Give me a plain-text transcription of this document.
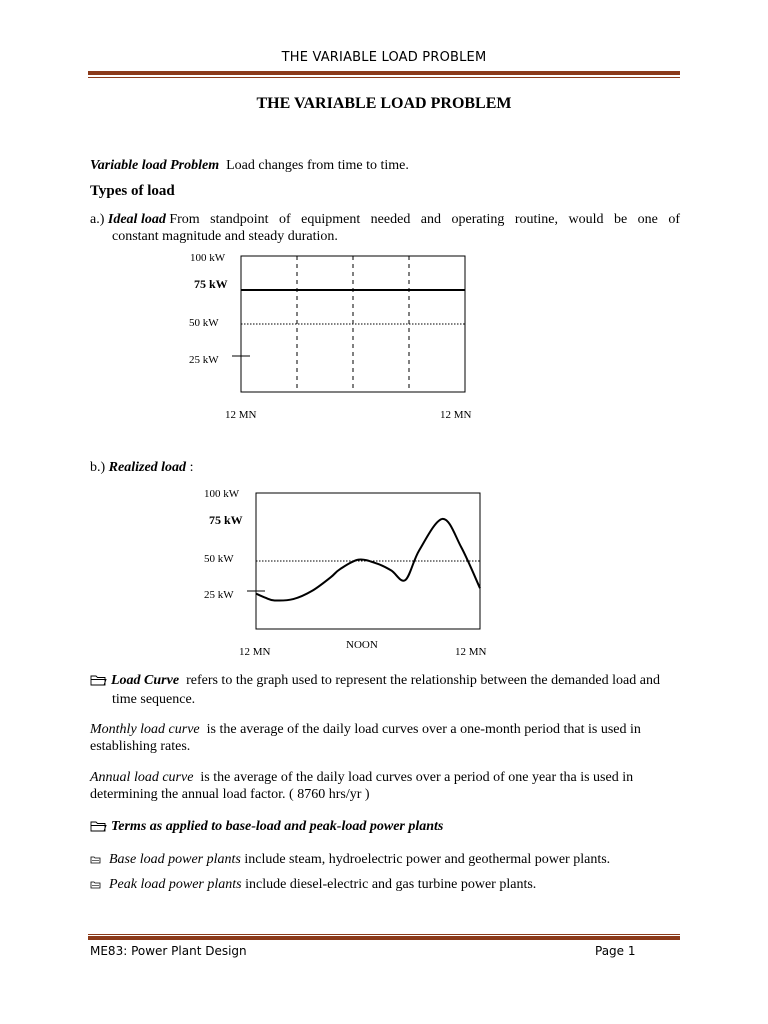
THE VARIABLE LOAD PROBLEM
THE VARIABLE LOAD PROBLEM
Variable load Problem Load changes from time to time.
Types of load
a.) Ideal load From standpoint of equipment needed and operating routine, would be one of
constant magnitude and steady duration.
100 kW
75 kW
50 kW
25 kW
12 MN	12 MN
b.) Realized load :
100 kW
75 kW
50 kW
25 kW
12 MN
NOON
12 MN
Load Curve refers to the graph used to represent the relationship between the demanded load and
time sequence.
Monthly load curve is the average of the daily load curves over a one-month period that is used in
establishing rates.
Annual load curve is the average of the daily load curves over a period of one year tha is used in
determining the annual load factor. ( 8760 hrs/yr )
Terms as applied to base-load and peak-load power plants
Base load power plants include steam, hydroelectric power and geothermal power plants.
Peak load power plants include diesel-electric and gas turbine power plants.
ME83: Power Plant Design	Page 1
